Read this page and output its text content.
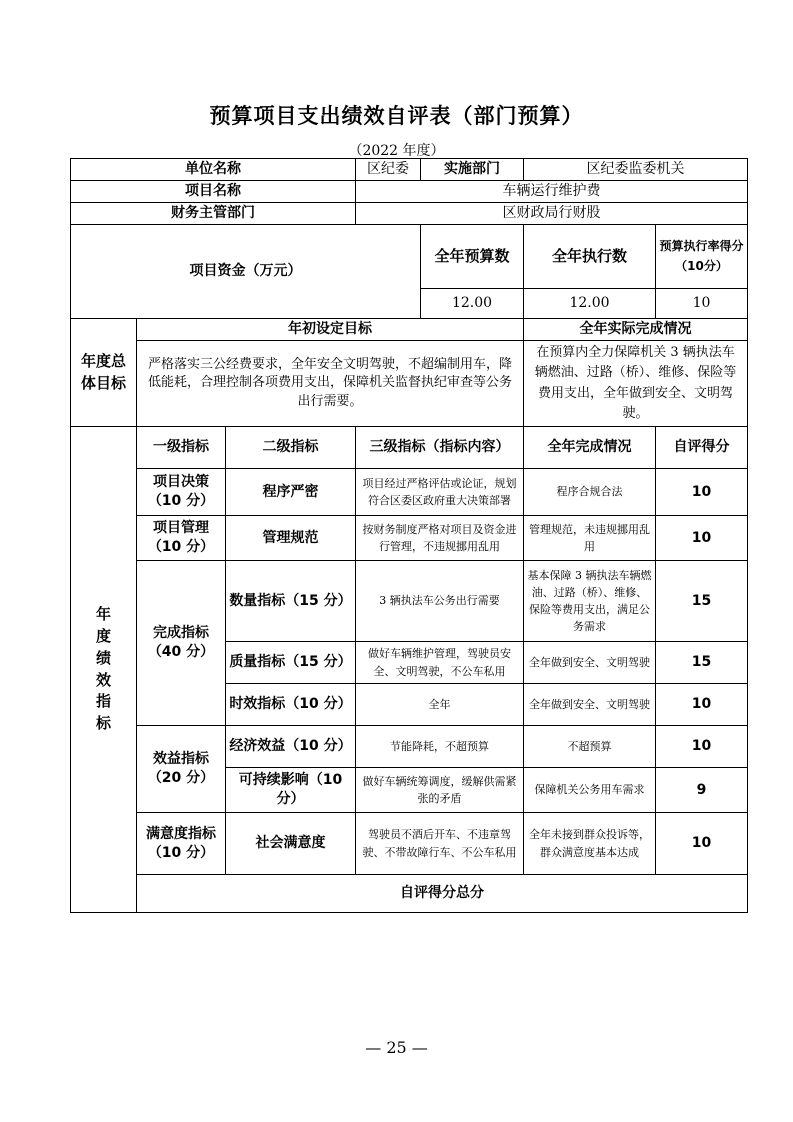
预算项目支出绩效自评表（部门预算）
（2022 年度）
单位名称			区纪委	实施部门	区纪委监委机关		
项目名称			车辆运行维护费				
财务主管部门			区财政局行财股				
项目资金（万元）				全年预算数	全年执行数	预算执行率得分（10分）	
				12.00	12.00	10	

年度总体目标	年初设定目标				全年实际完成情况		
	严格落实三公经费要求，全年安全文明驾驶，不超编制用车，降低能耗，合理控制各项费用支出，保障机关监督执纪审查等公务出行需要。				在预算内全力保障机关 3 辆执法车辆燃油、过路（桥）、维修、保险等费用支出，全年做到安全、文明驾驶。		

年度绩效指标	一级指标	二级指标	三级指标（指标内容）		全年完成情况	自评得分	
	项目决策（10 分）	程序严密	项目经过严格评估或论证，规划符合区委区政府重大决策部署		程序合规合法	10	
	项目管理（10 分）	管理规范	按财务制度严格对项目及资金进行管理，不违规挪用乱用		管理规范，未违规挪用乱用	10	
	完成指标（40 分）	数量指标（15 分）	3 辆执法车公务出行需要		基本保障 3 辆执法车辆燃油、过路（桥）、维修、保险等费用支出，满足公务需求	15	
		质量指标（15 分）	做好车辆维护管理，驾驶员安全、文明驾驶，不公车私用		全年做到安全、文明驾驶	15	
		时效指标（10 分）	全年		全年做到安全、文明驾驶	10	
	效益指标（20 分）	经济效益（10 分）	节能降耗，不超预算		不超预算	10	
		可持续影响（10 分）	做好车辆统筹调度，缓解供需紧张的矛盾		保障机关公务用车需求	9	
	满意度指标（10 分）	社会满意度	驾驶员不酒后开车、不违章驾驶、不带故障行车、不公车私用		全年未接到群众投诉等，群众满意度基本达成	10	
	自评得分总分	
— 25 —
